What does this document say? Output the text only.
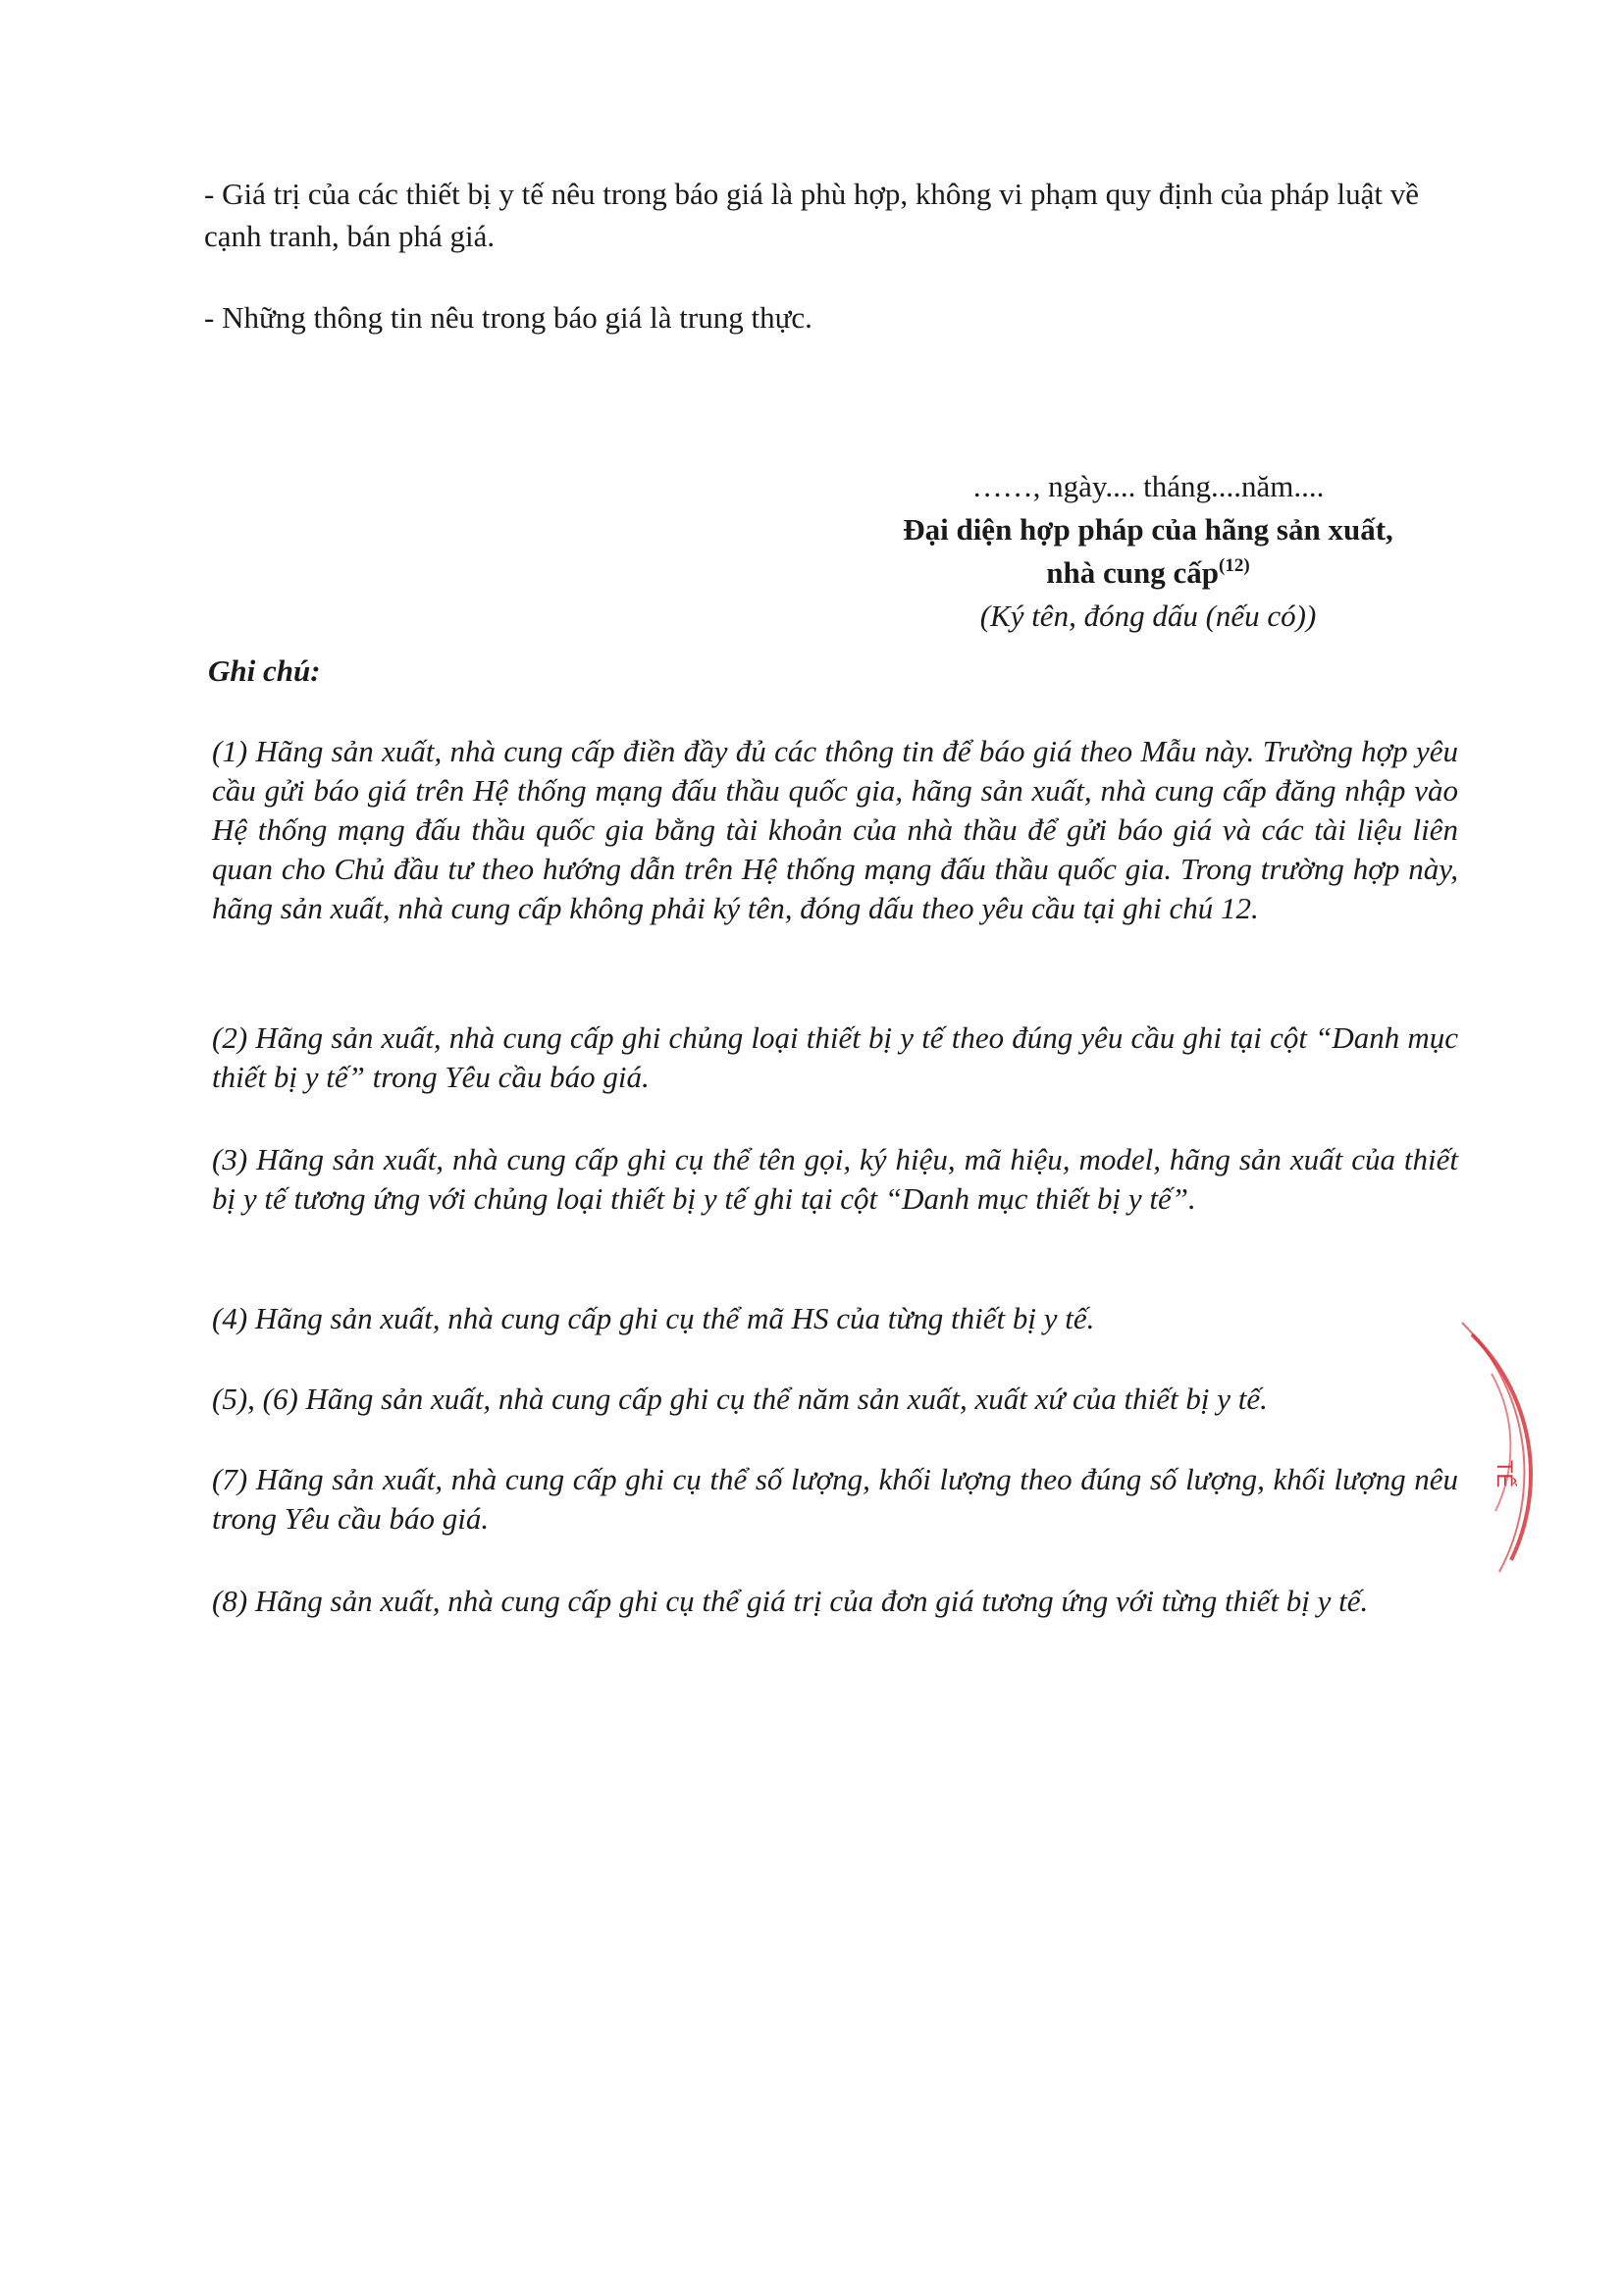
- Giá trị của các thiết bị y tế nêu trong báo giá là phù hợp, không vi phạm quy định của pháp luật về cạnh tranh, bán phá giá.

- Những thông tin nêu trong báo giá là trung thực.

……, ngày.... tháng....năm....
Đại diện hợp pháp của hãng sản xuất,
nhà cung cấp$^{(12)}$
(Ký tên, đóng dấu (nếu có))

Ghi chú:

(1) Hãng sản xuất, nhà cung cấp điền đầy đủ các thông tin để báo giá theo Mẫu này. Trường hợp yêu cầu gửi báo giá trên Hệ thống mạng đấu thầu quốc gia, hãng sản xuất, nhà cung cấp đăng nhập vào Hệ thống mạng đấu thầu quốc gia bằng tài khoản của nhà thầu để gửi báo giá và các tài liệu liên quan cho Chủ đầu tư theo hướng dẫn trên Hệ thống mạng đấu thầu quốc gia. Trong trường hợp này, hãng sản xuất, nhà cung cấp không phải ký tên, đóng dấu theo yêu cầu tại ghi chú 12.

(2) Hãng sản xuất, nhà cung cấp ghi chủng loại thiết bị y tế theo đúng yêu cầu ghi tại cột “Danh mục thiết bị y tế” trong Yêu cầu báo giá.

(3) Hãng sản xuất, nhà cung cấp ghi cụ thể tên gọi, ký hiệu, mã hiệu, model, hãng sản xuất của thiết bị y tế tương ứng với chủng loại thiết bị y tế ghi tại cột “Danh mục thiết bị y tế”.

(4) Hãng sản xuất, nhà cung cấp ghi cụ thể mã HS của từng thiết bị y tế.

(5), (6) Hãng sản xuất, nhà cung cấp ghi cụ thể năm sản xuất, xuất xứ của thiết bị y tế.

(7) Hãng sản xuất, nhà cung cấp ghi cụ thể số lượng, khối lượng theo đúng số lượng, khối lượng nêu trong Yêu cầu báo giá.

(8) Hãng sản xuất, nhà cung cấp ghi cụ thể giá trị của đơn giá tương ứng với từng thiết bị y tế.

TẾ
